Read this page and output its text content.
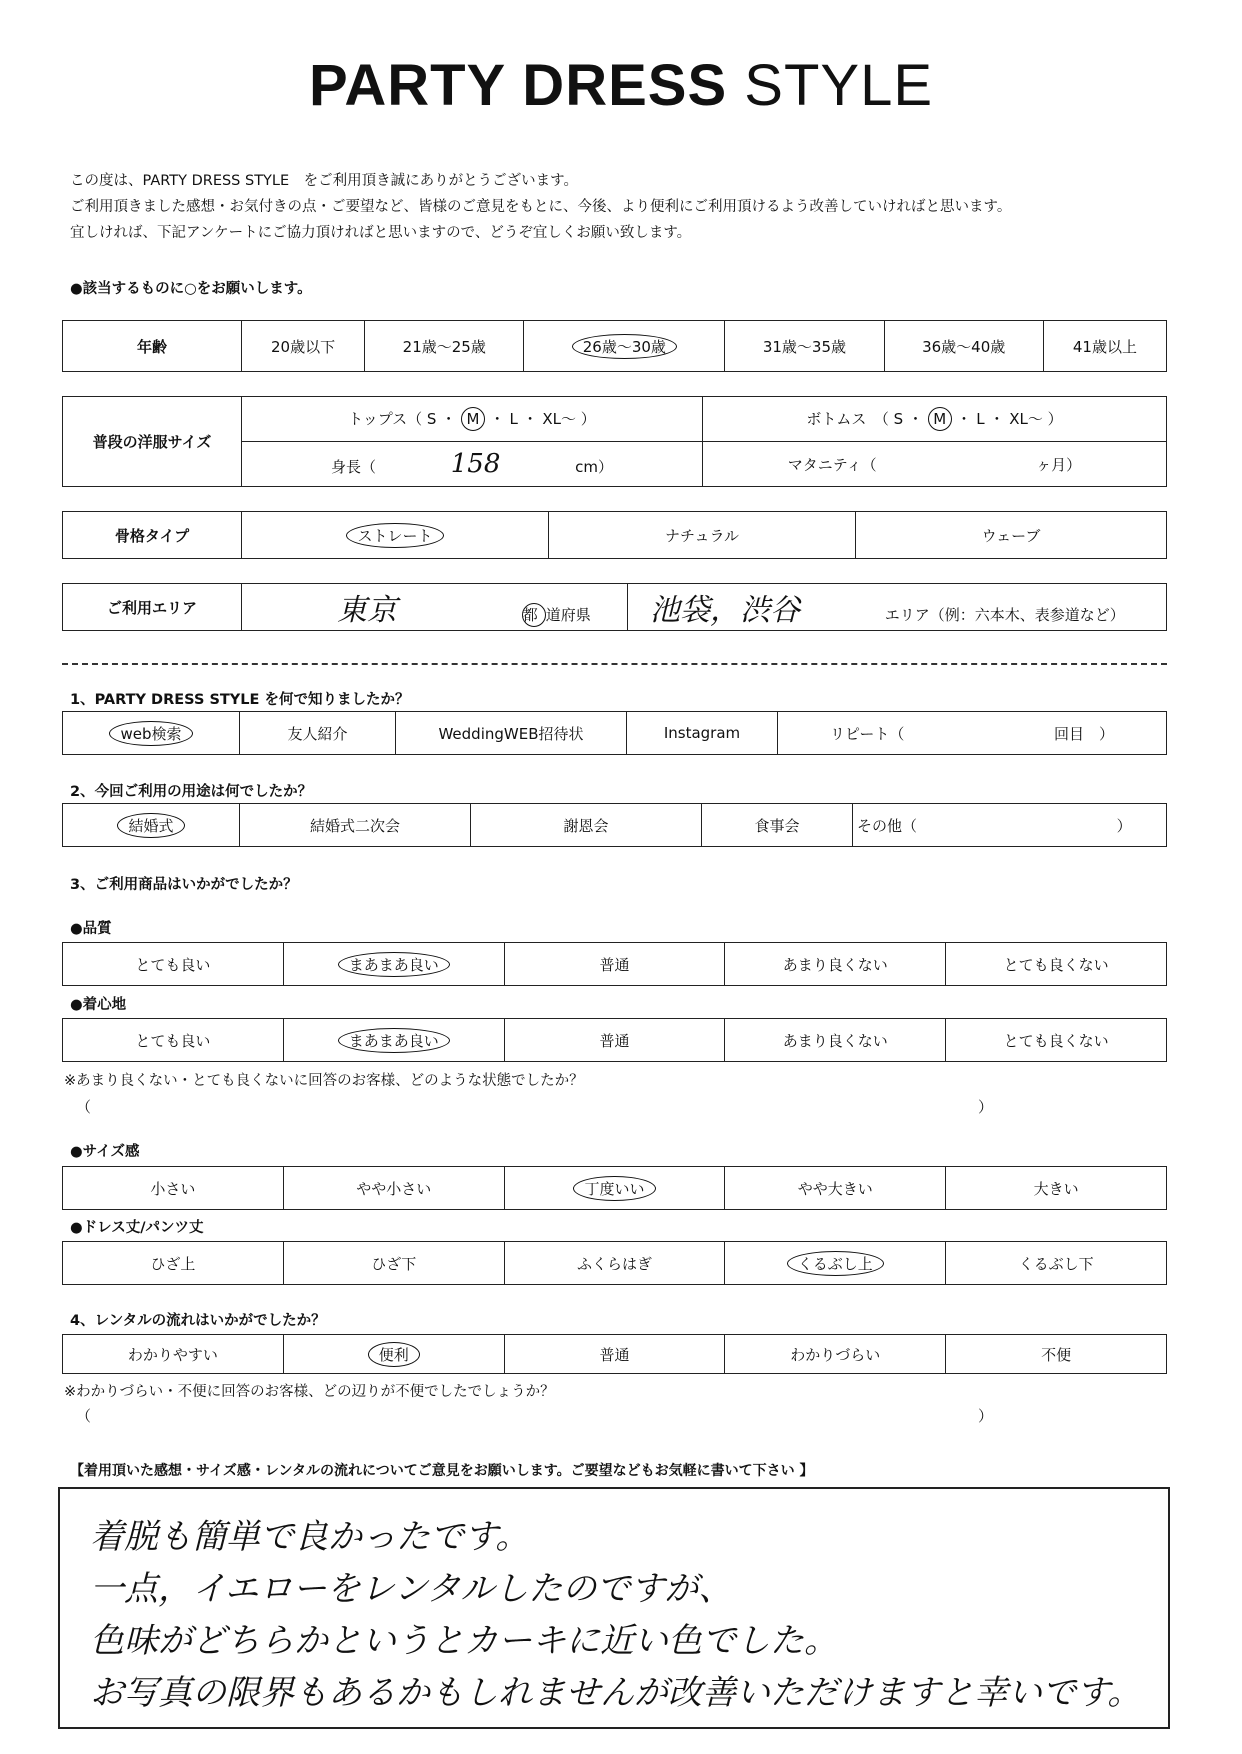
PARTY DRESS STYLE
この度は、PARTY DRESS STYLE　をご利用頂き誠にありがとうございます。
ご利用頂きました感想・お気付きの点・ご要望など、皆様のご意見をもとに、今後、より便利にご利用頂けるよう改善していければと思います。
宜しければ、下記アンケートにご協力頂ければと思いますので、どうぞ宜しくお願い致します。
●該当するものに○をお願いします。
年齢	20歳以下	21歳～25歳	26歳～30歳	31歳～35歳	36歳～40歳	41歳以上
普段の洋服サイズ	トップス（ S ・ M ・ L ・ XL～ ）	ボトムス　（ S ・ M ・ L ・ XL～ ）
	身長（ 158 cm）	マタニティ（ ヶ月）
骨格タイプ	ストレート	ナチュラル	ウェーブ
ご利用エリア	東京	都 道府県	池袋，渋谷	エリア（例：六本木、表参道など）
1、PARTY DRESS STYLE を何で知りましたか？
web検索	友人紹介	WeddingWEB招待状	Instagram	リピート（	回目　）
2、今回ご利用の用途は何でしたか？
結婚式	結婚式二次会	謝恩会	食事会	その他（	）
3、ご利用商品はいかがでしたか？
●品質
とても良い	まあまあ良い	普通	あまり良くない	とても良くない
●着心地
とても良い	まあまあ良い	普通	あまり良くない	とても良くない
※あまり良くない・とても良くないに回答のお客様、どのような状態でしたか？
（	）
●サイズ感
小さい	やや小さい	丁度いい	やや大きい	大きい
●ドレス丈/パンツ丈
ひざ上	ひざ下	ふくらはぎ	くるぶし上	くるぶし下
4、レンタルの流れはいかがでしたか？
わかりやすい	便利	普通	わかりづらい	不便
※わかりづらい・不便に回答のお客様、どの辺りが不便でしたでしょうか？
（	）
【着用頂いた感想・サイズ感・レンタルの流れについてご意見をお願いします。ご要望などもお気軽に書いて下さい 】
着脱も簡単で良かったです。
一点，イエローをレンタルしたのですが、
色味がどちらかというとカーキに近い色でした。
お写真の限界もあるかもしれませんが改善いただけますと幸いです。
